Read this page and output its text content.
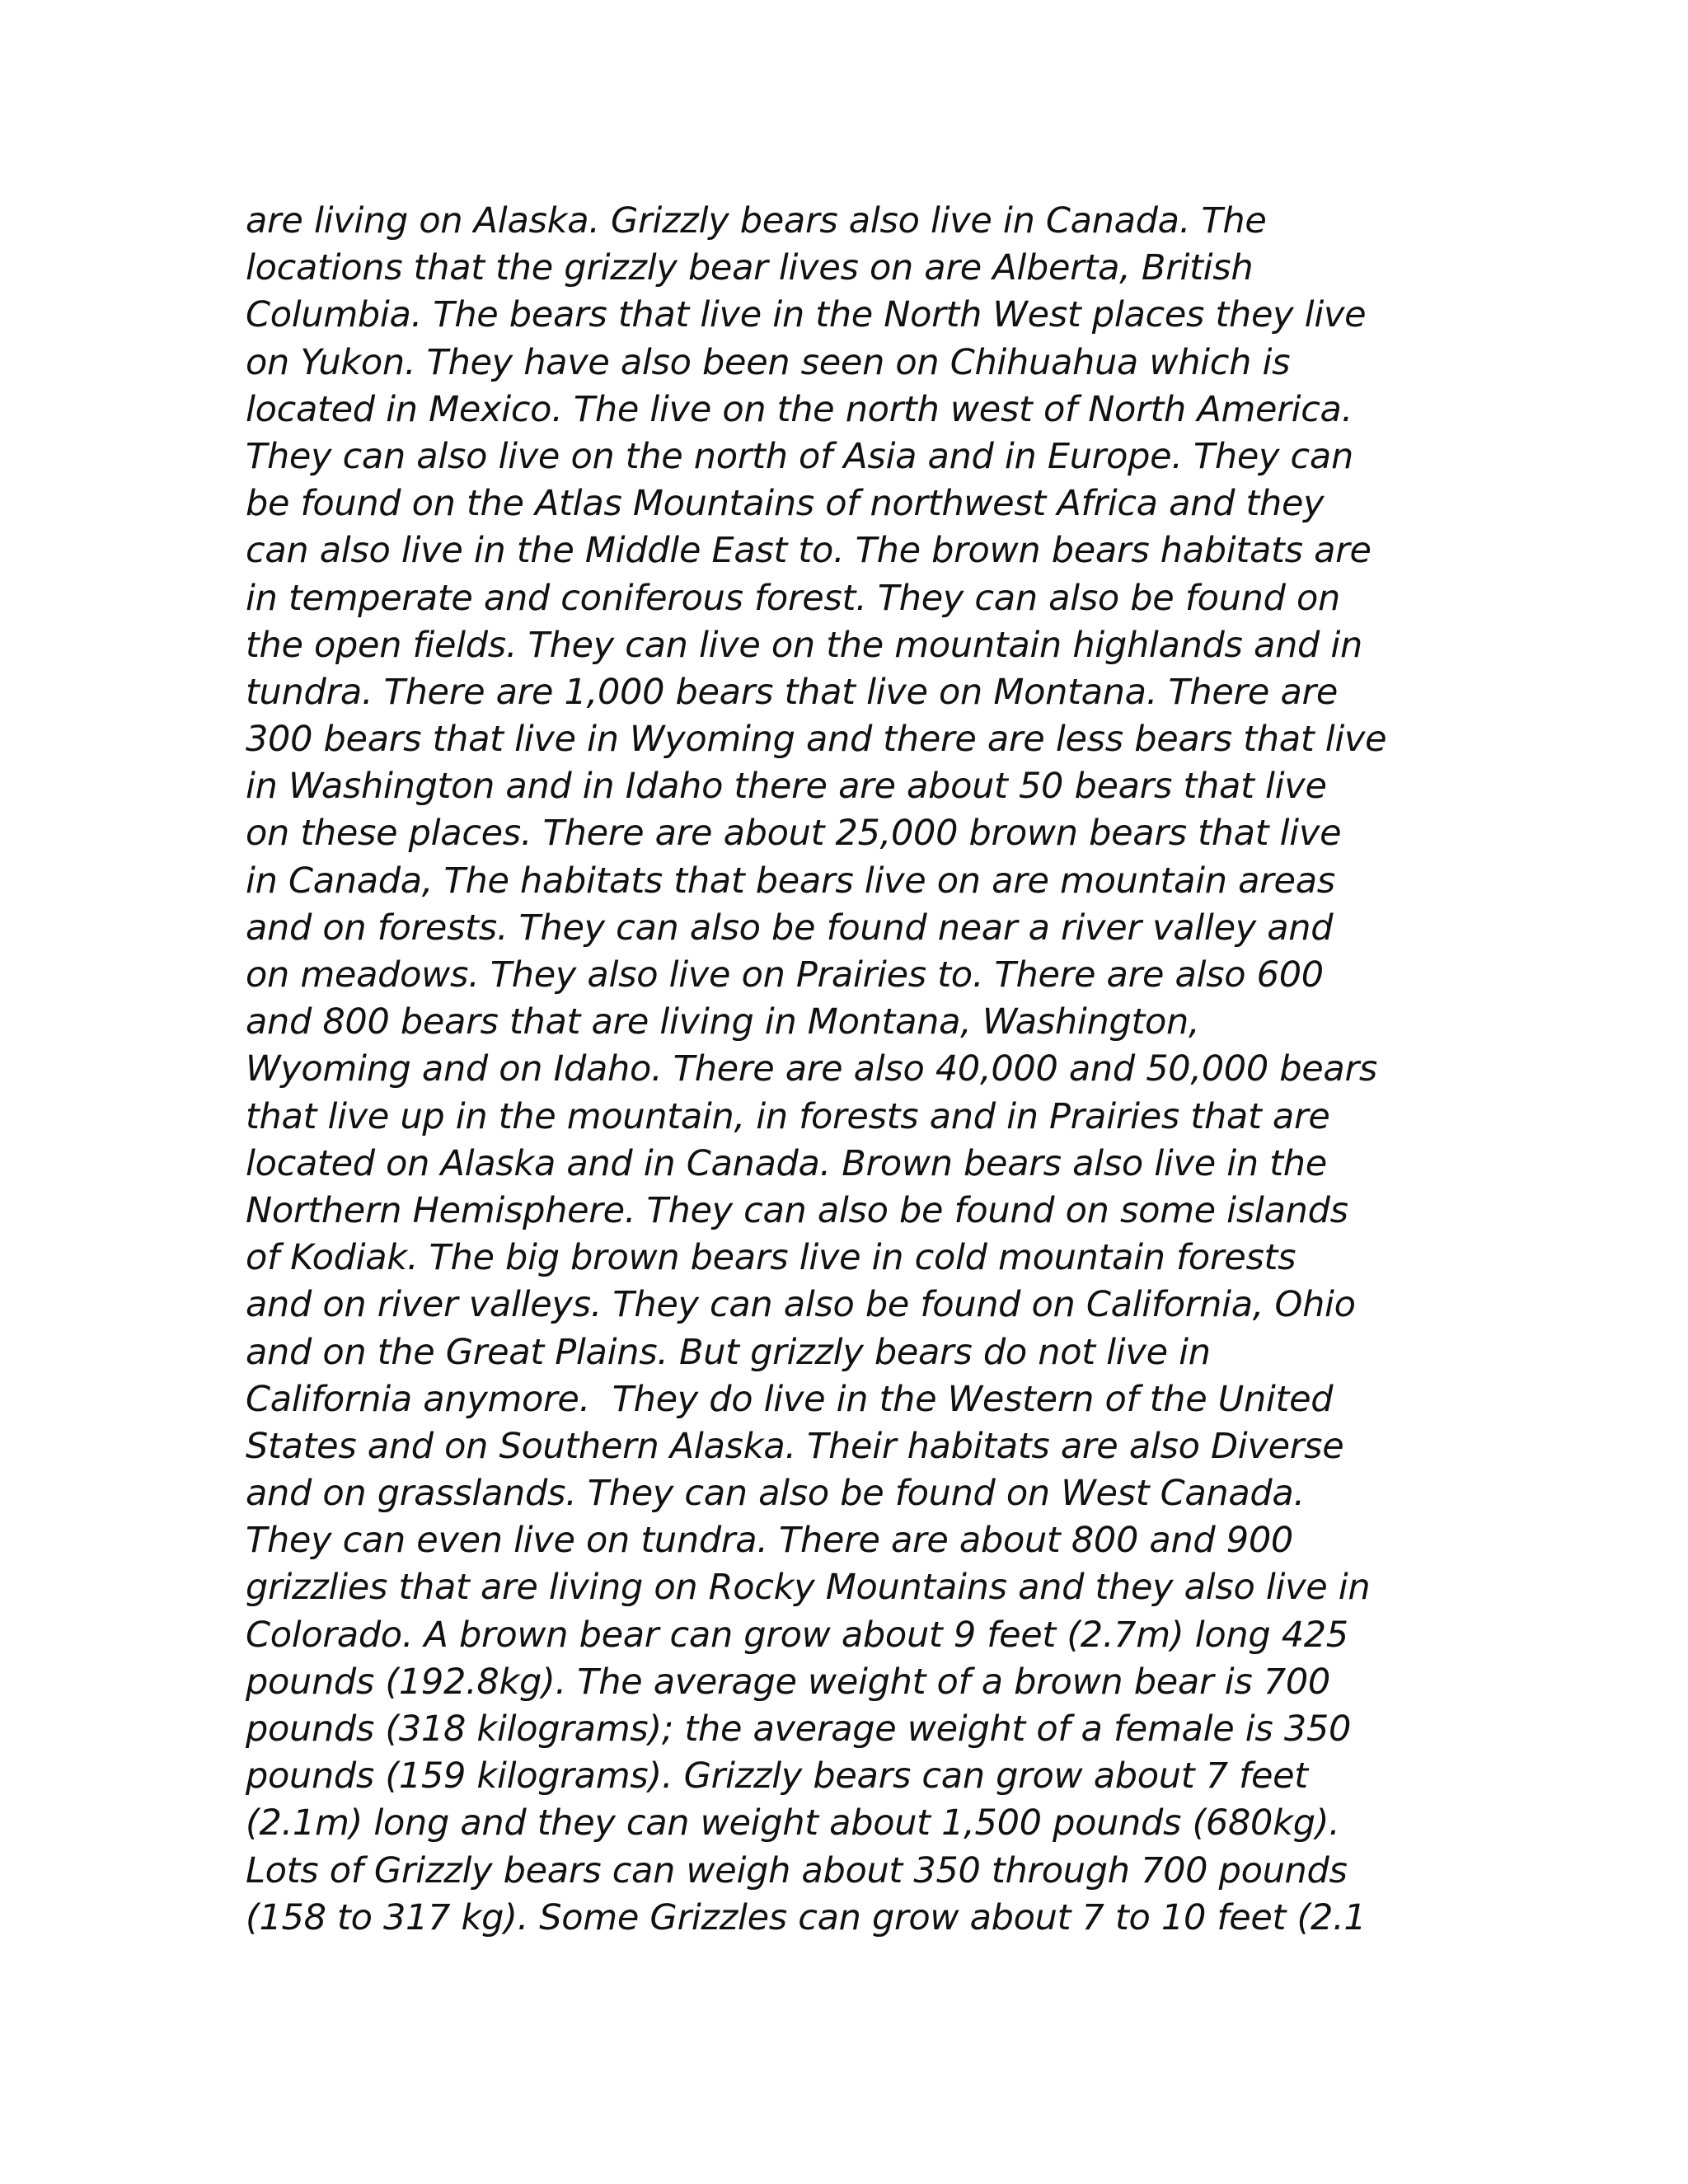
are living on Alaska. Grizzly bears also live in Canada. The
locations that the grizzly bear lives on are Alberta, British
Columbia. The bears that live in the North West places they live
on Yukon. They have also been seen on Chihuahua which is
located in Mexico. The live on the north west of North America.
They can also live on the north of Asia and in Europe. They can
be found on the Atlas Mountains of northwest Africa and they
can also live in the Middle East to. The brown bears habitats are
in temperate and coniferous forest. They can also be found on
the open fields. They can live on the mountain highlands and in
tundra. There are 1,000 bears that live on Montana. There are
300 bears that live in Wyoming and there are less bears that live
in Washington and in Idaho there are about 50 bears that live
on these places. There are about 25,000 brown bears that live
in Canada, The habitats that bears live on are mountain areas
and on forests. They can also be found near a river valley and
on meadows. They also live on Prairies to. There are also 600
and 800 bears that are living in Montana, Washington,
Wyoming and on Idaho. There are also 40,000 and 50,000 bears
that live up in the mountain, in forests and in Prairies that are
located on Alaska and in Canada. Brown bears also live in the
Northern Hemisphere. They can also be found on some islands
of Kodiak. The big brown bears live in cold mountain forests
and on river valleys. They can also be found on California, Ohio
and on the Great Plains. But grizzly bears do not live in
California anymore.  They do live in the Western of the United
States and on Southern Alaska. Their habitats are also Diverse
and on grasslands. They can also be found on West Canada.
They can even live on tundra. There are about 800 and 900
grizzlies that are living on Rocky Mountains and they also live in
Colorado. A brown bear can grow about 9 feet (2.7m) long 425
pounds (192.8kg). The average weight of a brown bear is 700
pounds (318 kilograms); the average weight of a female is 350
pounds (159 kilograms). Grizzly bears can grow about 7 feet
(2.1m) long and they can weight about 1,500 pounds (680kg).
Lots of Grizzly bears can weigh about 350 through 700 pounds
(158 to 317 kg). Some Grizzles can grow about 7 to 10 feet (2.1
